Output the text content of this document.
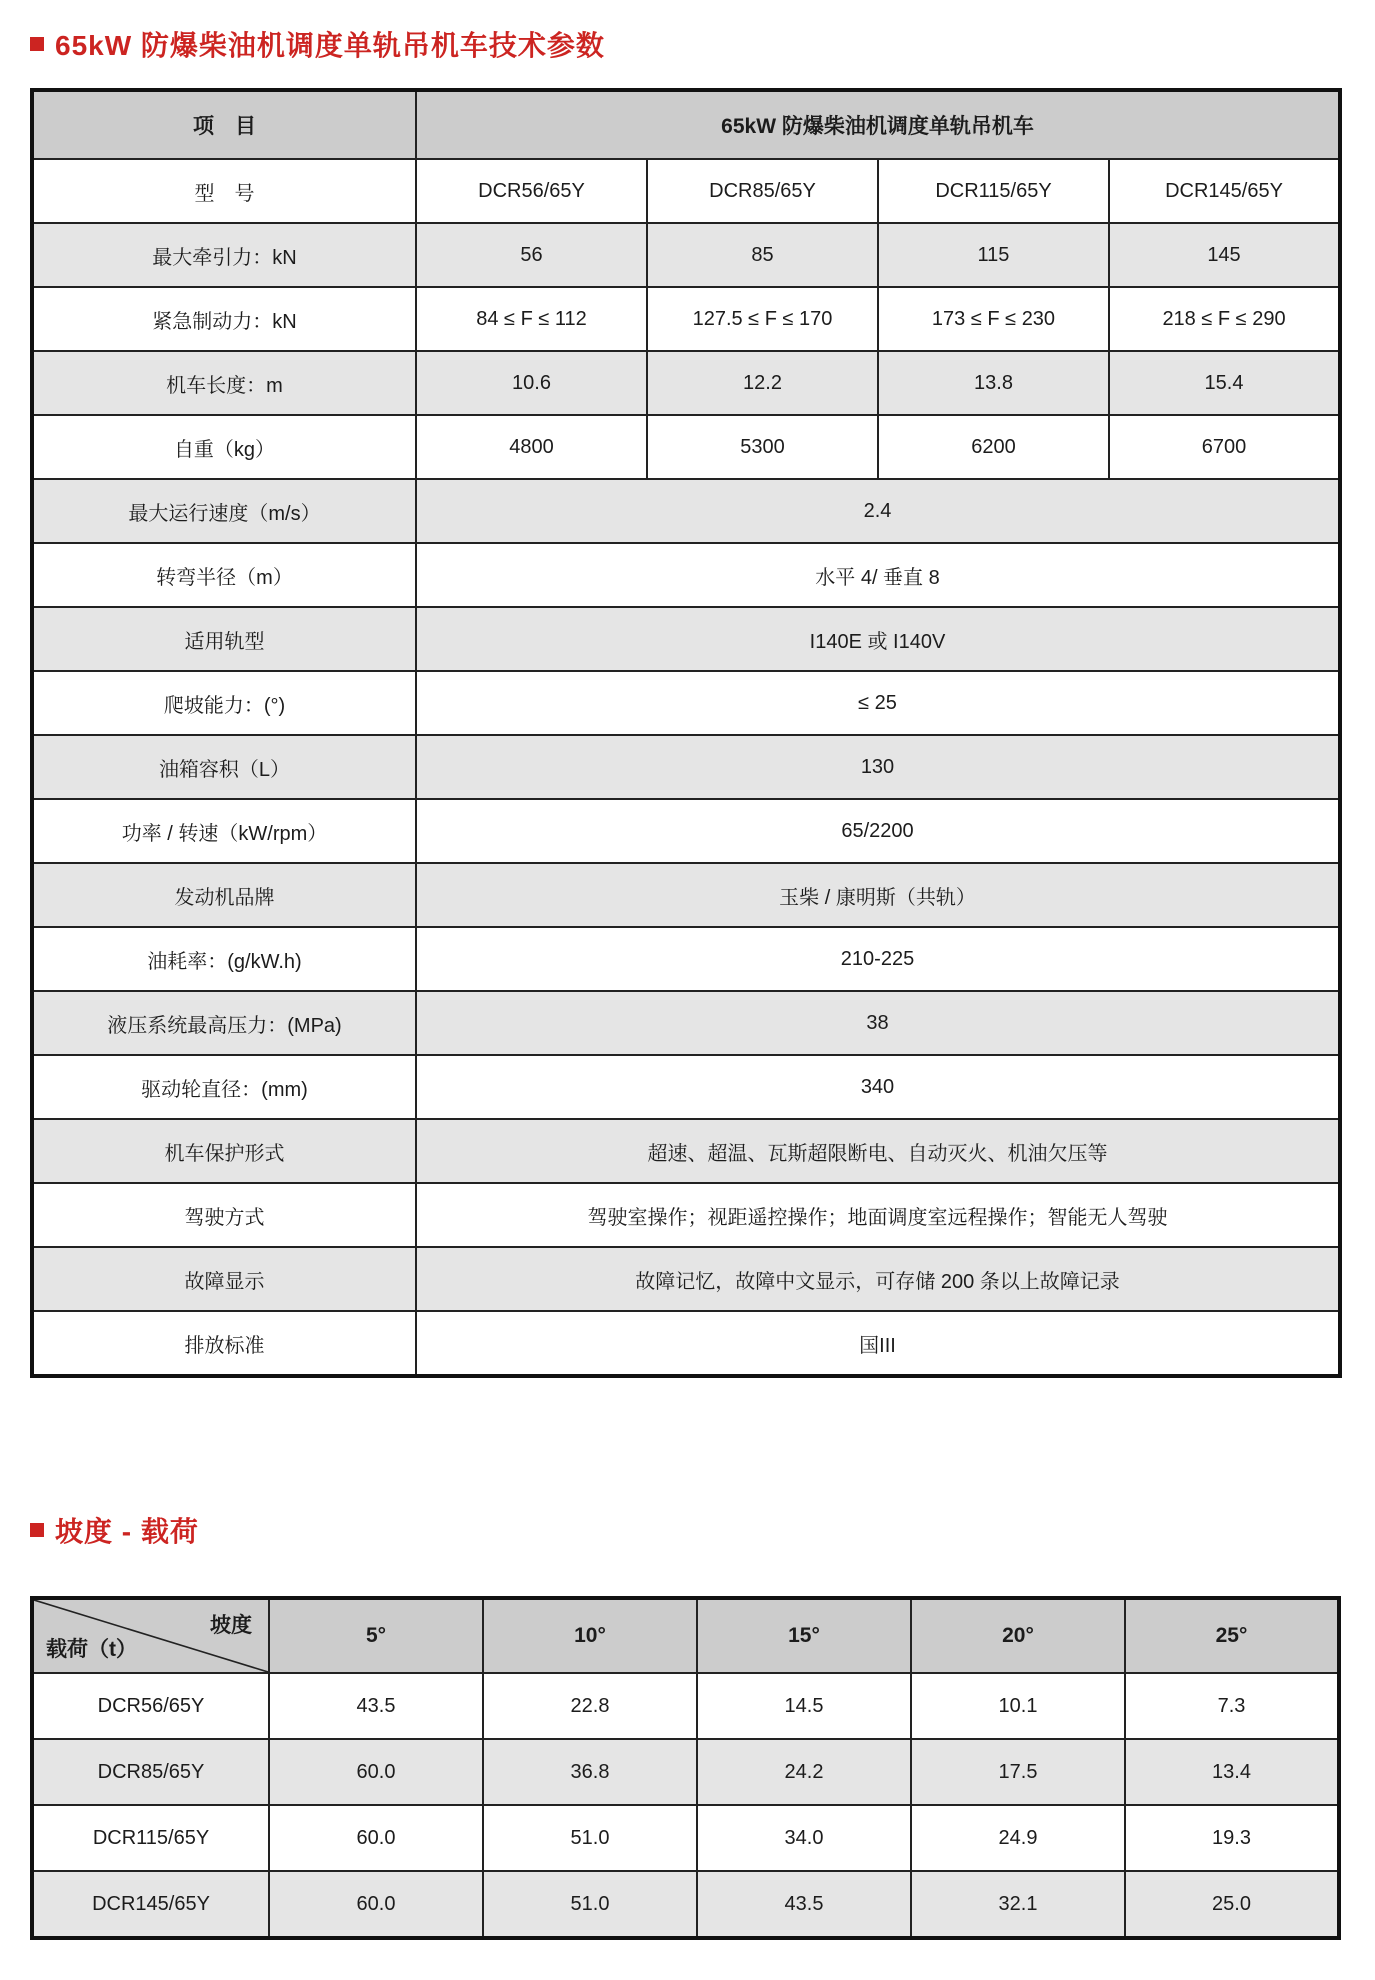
65kW 防爆柴油机调度单轨吊机车技术参数
项　目	65kW 防爆柴油机调度单轨吊机车			
型　号	DCR56/65Y	DCR85/65Y	DCR115/65Y	DCR145/65Y
最大牵引力：kN	56	85	115	145
紧急制动力：kN	84 ≤ F ≤ 112	127.5 ≤ F ≤ 170	173 ≤ F ≤ 230	218 ≤ F ≤ 290
机车长度：m	10.6	12.2	13.8	15.4
自重（kg）	4800	5300	6200	6700
最大运行速度（m/s）	2.4			
转弯半径（m）	水平 4/ 垂直 8			
适用轨型	I140E 或 I140V			
爬坡能力：(°)	≤ 25			
油箱容积（L）	130			
功率 / 转速（kW/rpm）	65/2200			
发动机品牌	玉柴 / 康明斯（共轨）			
油耗率：(g/kW.h)	210-225			
液压系统最高压力：(MPa)	38			
驱动轮直径：(mm)	340			
机车保护形式	超速、超温、瓦斯超限断电、自动灭火、机油欠压等			
驾驶方式	驾驶室操作；视距遥控操作；地面调度室远程操作；智能无人驾驶			
故障显示	故障记忆，故障中文显示，可存储 200 条以上故障记录			
排放标准	国III			
坡度 - 载荷
坡度
载荷（t）	5°	10°	15°	20°	25°
DCR56/65Y	43.5	22.8	14.5	10.1	7.3
DCR85/65Y	60.0	36.8	24.2	17.5	13.4
DCR115/65Y	60.0	51.0	34.0	24.9	19.3
DCR145/65Y	60.0	51.0	43.5	32.1	25.0
